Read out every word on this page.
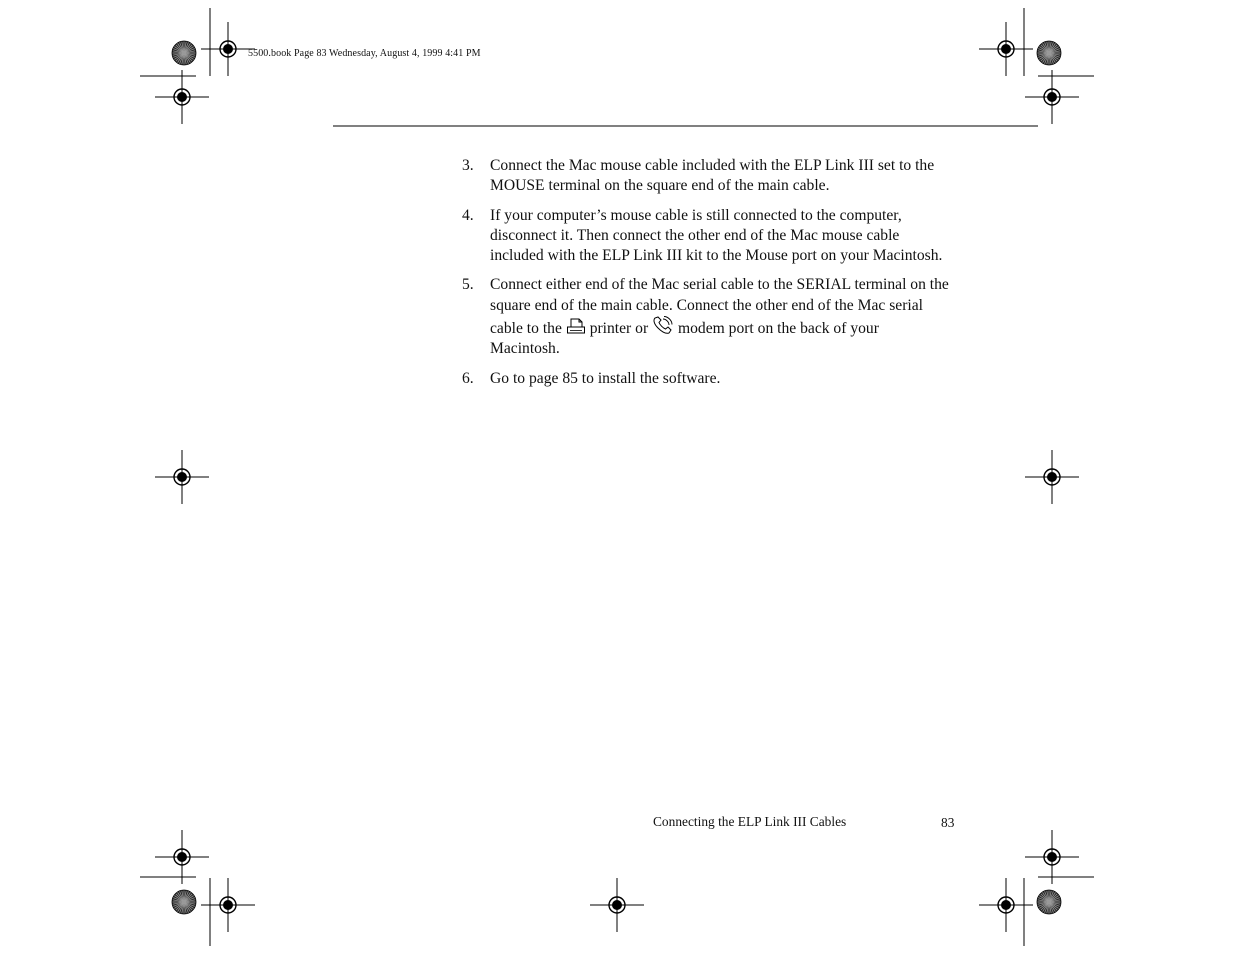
5500.book Page 83 Wednesday, August 4, 1999 4:41 PM
3. Connect the Mac mouse cable included with the ELP Link III set to the MOUSE terminal on the square end of the main cable.
4. If your computer’s mouse cable is still connected to the computer, disconnect it. Then connect the other end of the Mac mouse cable included with the ELP Link III kit to the Mouse port on your Macintosh.
5. Connect either end of the Mac serial cable to the SERIAL terminal on the square end of the main cable. Connect the other end of the Mac serial cable to the printer or modem port on the back of your Macintosh.
6. Go to page 85 to install the software.
Connecting the ELP Link III Cables	83
